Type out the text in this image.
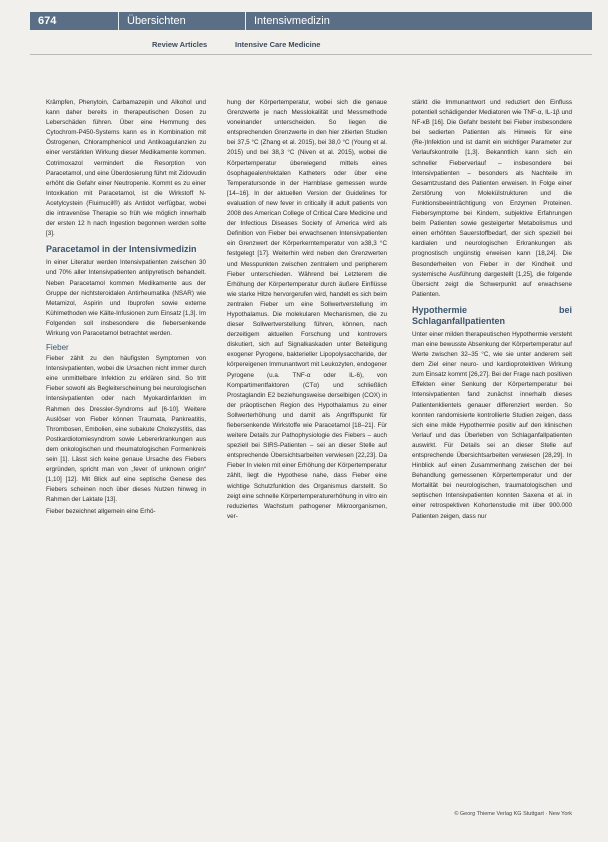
674	Übersichten	Intensivmedizin
Review Articles	Intensive Care Medicine

Krämpfen, Phenytoin, Carbamazepin und Alkohol und kann daher bereits in therapeutischen Dosen zu Leberschäden führen. Über eine Hemmung des Cytochrom-P450-Systems kann es in Kombination mit Östrogenen, Chloramphenicol und Antikoagulanzien zu einer verstärkten Wirkung dieser Medikamente kommen. Cotrimoxazol vermindert die Resorption von Paracetamol, und eine Überdosierung führt mit Zidovudin erhöht die Gefahr einer Neutropenie. Kommt es zu einer Intoxikation mit Paracetamol, ist die Wirkstoff N-Acetylcystein (Fluimucil®) als Antidot verfügbar, wobei die intravenöse Therapie so früh wie möglich innerhalb der ersten 12 h nach Ingestion begonnen werden sollte [3].

Paracetamol in der Intensivmedizin

In einer Literatur werden Intensivpatienten zwischen 30 und 70% aller Intensivpatienten antipyretisch behandelt. Neben Paracetamol kommen Medikamente aus der Gruppe der nichtsteroidalen Antirheumatika (NSAR) wie Metamizol, Aspirin und Ibuprofen sowie externe Kühlmethoden wie Kälte-Infusionen zum Einsatz [1,3]. Im Folgenden soll insbesondere die fiebersenkende Wirkung von Paracetamol betrachtet werden.

Fieber

Fieber zählt zu den häufigsten Symptomen von Intensivpatienten, wobei die Ursachen nicht immer durch eine unmittelbare Infektion zu erklären sind. So tritt Fieber sowohl als Begleiterscheinung bei neurologischen Intensivpatienten oder nach Myokardinfarkten im Rahmen des Dressler-Syndroms auf [6-10]. Weitere Auslöser von Fieber können Traumata, Pankreatitis, Thrombosen, Embolien, eine subakute Cholezystitis, das Postkardiotomiesyndrom sowie Lebererkrankungen aus dem onkologischen und rheumatologischen Formenkreis sein [1]. Lässt sich keine genaue Ursache des Fiebers ergründen, spricht man von „fever of unknown origin“ [1,10] [12]. Mit Blick auf eine septische Genese des Fiebers scheinen noch über dieses Nutzen hinweg in Rahmen der Laktate [13].

Fieber bezeichnet allgemein eine Erhö-

hung der Körpertemperatur, wobei sich die genaue Grenzwerte je nach Messlokalität und Messmethode voneinander unterscheiden. So liegen die entsprechenden Grenzwerte in den hier zitierten Studien bei 37,5 °C (Zhang et al. 2015), bei 38,0 °C (Young et al. 2015) und bei 38,3 °C (Niven et al. 2015), wobei die Körpertemperatur überwiegend mittels eines ösophagealen/rektalen Katheters oder über eine Temperatursonde in der Harnblase gemessen wurde [14–16]. In der aktuellen Version der Guidelines for evaluation of new fever in critically ill adult patients von 2008 des American College of Critical Care Medicine und der Infectious Diseases Society of America wird als Definition von Fieber bei erwachsenen Intensivpatienten ein Grenzwert der Körperkerntemperatur von ≥38,3 °C festgelegt [17]. Weiterhin wird neben den Grenzwerten und Messpunkten zwischen zentralem und peripherem Fieber unterschieden. Während bei Letzterem die Erhöhung der Körpertemperatur durch äußere Einflüsse wie starke Hitze hervorgerufen wird, handelt es sich beim zentralen Fieber um eine Sollwertverstellung im Hypothalamus. Die molekularen Mechanismen, die zu dieser Sollwertverstellung führen, können, nach derzeitigem aktuellen Forschung und kontrovers diskutiert, sich auf Signalkaskaden unter Beteiligung exogener Pyrogene, bakterieller Lipopolysaccharide, der körpereigenen Immunantwort mit Leukozyten, endogener Pyrogene (u.a. TNF-α oder IL-6), von Kompartimentfaktoren (CTα) und schließlich Prostaglandin E2 beziehungsweise derselbigen (COX) in der präoptischen Region des Hypothalamus zu einer Sollwerterhöhung und damit als Angriffspunkt für fiebersenkende Wirkstoffe wie Paracetamol [18–21]. Für weitere Details zur Pathophysiologie des Fiebers – auch speziell bei SIRS-Patienten – sei an dieser Stelle auf entsprechende Übersichtsarbeiten verwiesen [22,23]. Da Fieber In vielen mit einer Erhöhung der Körpertemperatur zählt, liegt die Hypothese nahe, dass Fieber eine wichtige Schutzfunktion des Organismus darstellt. So zeigt eine schnelle Körpertemperaturerhöhung in vitro ein reduziertes Wachstum pathogener Mikroorganismen, ver-

stärkt die Immunantwort und reduziert den Einfluss potentiell schädigender Mediatoren wie TNF-α, IL-1β und NF-κB [16]. Die Gefahr besteht bei Fieber insbesondere bei sedierten Patienten als Hinweis für eine (Re-)Infektion und ist damit ein wichtiger Parameter zur Verlaufskontrolle [1,3]. Bekanntlich kann sich ein schneller Fieberverlauf – insbesondere bei Intensivpatienten – besonders als Nachteile im Gesamtzustand des Patienten erweisen. In Folge einer Zerstörung von Molekülstrukturen und die Funktionsbeeinträchtigung von Enzymen Proteinen. Fiebersymptome bei Kindern, subjektive Erfahrungen beim Patienten sowie gesteigerter Metabolismus und einen erhöhten Sauerstoffbedarf, der sich speziell bei kardialen und neurologischen Erkrankungen als prognostisch ungünstig erweisen kann [18,24]. Die Besonderheiten von Fieber in der Kindheit und systemische Ausführung dargestellt [1,25], die folgende Übersicht zeigt die Schwerpunkt auf erwachsene Patienten.

Hypothermie bei Schlaganfallpatienten

Unter einer milden therapeutischen Hypothermie versteht man eine bewusste Absenkung der Körpertemperatur auf Werte zwischen 32–35 °C, wie sie unter anderem seit dem Ziel einer neuro- und kardioprotektiven Wirkung zum Einsatz kommt [26,27]. Bei der Frage nach positiven Effekten einer Senkung der Körpertemperatur bei Intensivpatienten fand zunächst innerhalb dieses Patientenklientels genauer differenziert werden. So konnten randomisierte kontrollierte Studien zeigen, dass sich eine milde Hypothermie positiv auf den klinischen Verlauf und das Überleben von Schlaganfallpatienten auswirkt. Für Details sei an dieser Stelle auf entsprechende Übersichtsarbeiten verwiesen [28,29]. In Hinblick auf einen Zusammenhang zwischen der bei Behandlung gemessenen Körpertemperatur und der Mortalität bei neurologischen, traumatologischen und septischen Intensivpatienten konnten Saxena et al. in einer retrospektiven Kohortenstudie mit über 900.000 Patienten zeigen, dass nur

© Georg Thieme Verlag KG Stuttgart · New York
